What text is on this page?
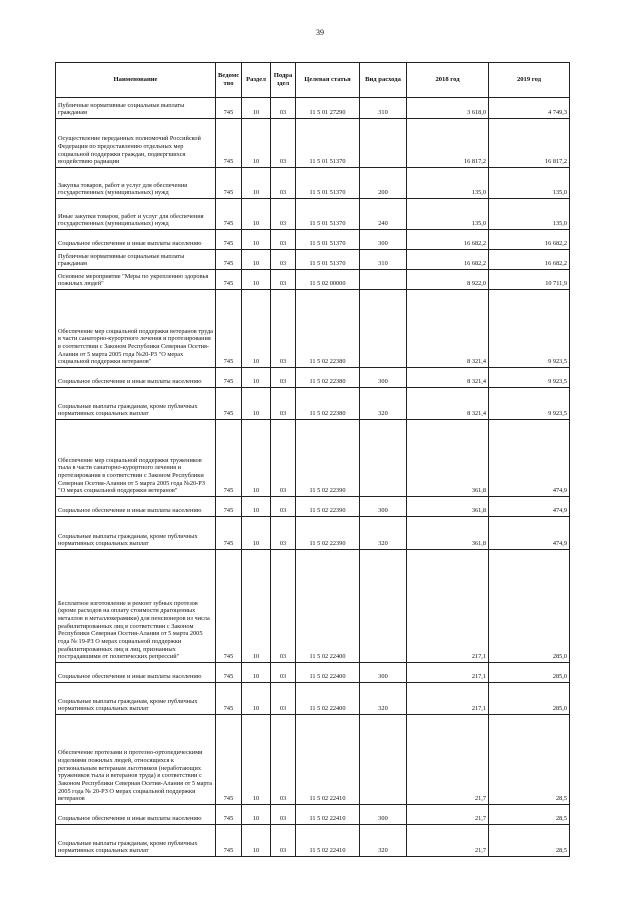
39
Наименование	Ведомс тво	Раздел	Подра здел	Целевая статья	Вид расхода	2018 год	2019 год
Публичные нормативные социальные выплаты гражданам	745	10	03	11 5 01 27290	310	3 618,0	4 749,3
Осуществление переданных полномочий Российской Федерации по предоставлению отдельных мер социальной поддержки граждан, подвергшихся воздействию радиации	745	10	03	11 5 01 51370		16 817,2	16 817,2
Закупка товаров, работ и услуг для обеспечения государственных (муниципальных) нужд	745	10	03	11 5 01 51370	200	135,0	135,0
Иные закупки товаров, работ и услуг для обеспечения государственных (муниципальных) нужд	745	10	03	11 5 01 51370	240	135,0	135,0
Социальное обеспечение и иные выплаты населению	745	10	03	11 5 01 51370	300	16 682,2	16 682,2
Публичные нормативные социальные выплаты гражданам	745	10	03	11 5 01 51370	310	16 682,2	16 682,2
Основное мероприятие "Меры по укреплению здоровья пожилых людей"	745	10	03	11 5 02 00000		8 922,0	10 711,9
Обеспечение мер социальной поддержки ветеранов труда в части санаторно-курортного лечения и протезирования в соответствии с Законом Республики Северная Осетия-Алания от 5 марта 2005 года №20-РЗ "О мерах социальной поддержки ветеранов"	745	10	03	11 5 02 22380		8 321,4	9 923,5
Социальное обеспечение и иные выплаты населению	745	10	03	11 5 02 22380	300	8 321,4	9 923,5
Социальные выплаты гражданам, кроме публичных нормативных социальных выплат	745	10	03	11 5 02 22380	320	8 321,4	9 923,5
Обеспечение мер социальной поддержки тружеников тыла в части санаторно-курортного лечения и протезирования в соответствии с Законом Республики Северная Осетия-Алания от 5 марта 2005 года №20-РЗ "О мерах социальной поддержки ветеранов"	745	10	03	11 5 02 22390		361,8	474,9
Социальное обеспечение и иные выплаты населению	745	10	03	11 5 02 22390	300	361,8	474,9
Социальные выплаты гражданам, кроме публичных нормативных социальных выплат	745	10	03	11 5 02 22390	320	361,8	474,9
Бесплатное изготовление и ремонт зубных протезов (кроме расходов на оплату стоимости драгоценных металлов и металлокерамики) для пенсионеров из числа реабилитированных лиц в соответствии с Законом Республики Северная Осетия-Алания от 5 марта 2005 года № 19-РЗ О мерах социальной поддержки реабилитированных лиц и лиц, признанных пострадавшими от политических репрессий"	745	10	03	11 5 02 22400		217,1	285,0
Социальное обеспечение и иные выплаты населению	745	10	03	11 5 02 22400	300	217,1	285,0
Социальные выплаты гражданам, кроме публичных нормативных социальных выплат	745	10	03	11 5 02 22400	320	217,1	285,0
Обеспечение протезами и протезно-ортопедическими изделиями пожилых людей, относящихся к региональным ветеранам льготников (неработающих тружеников тыла и ветеранов труда) в соответствии с Законом Республики Северная Осетия-Алания от 5 марта 2005 года № 20-РЗ О мерах социальной поддержки ветеранов	745	10	03	11 5 02 22410		21,7	28,5
Социальное обеспечение и иные выплаты населению	745	10	03	11 5 02 22410	300	21,7	28,5
Социальные выплаты гражданам, кроме публичных нормативных социальных выплат	745	10	03	11 5 02 22410	320	21,7	28,5
